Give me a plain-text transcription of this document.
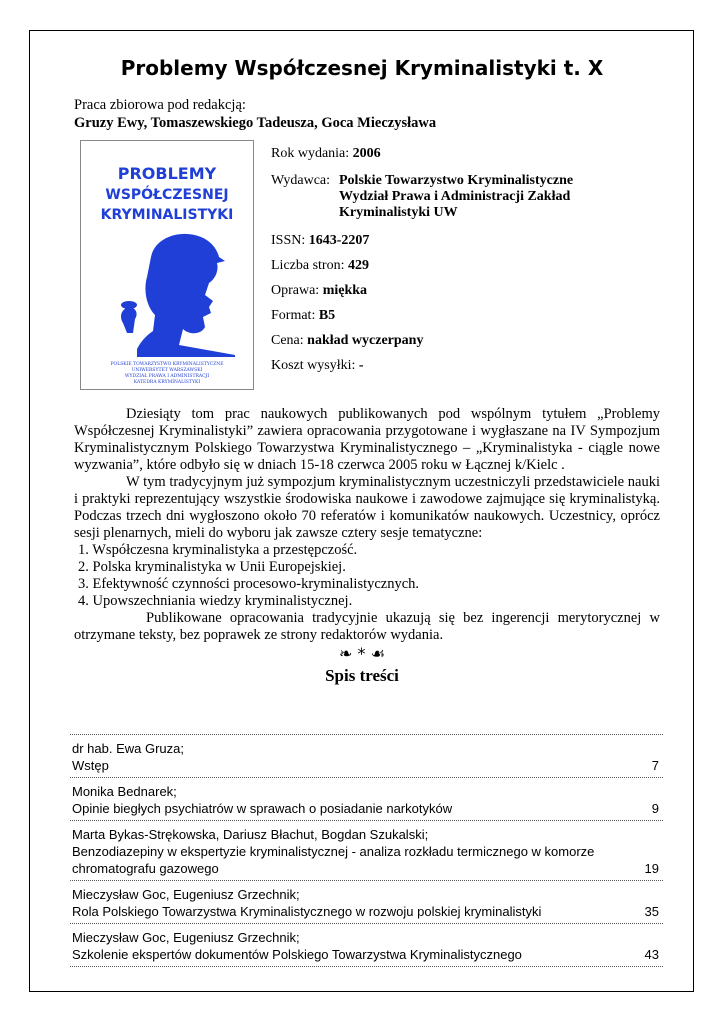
Problemy Współczesnej Kryminalistyki t. X
Praca zbiorowa pod redakcją:
Gruzy Ewy, Tomaszewskiego Tadeusza, Goca Mieczysława
PROBLEMY
WSPÓŁCZESNEJ
KRYMINALISTYKI
POLSKIE TOWARZYSTWO KRYMINALISTYCZNE
UNIWERSYTET WARSZAWSKI
WYDZIAŁ PRAWA I ADMINISTRACJI
KATEDRA KRYMINALISTYKI
Rok wydania: 2006
Wydawca: Polskie Towarzystwo Kryminalistyczne
Wydział Prawa i Administracji Zakład
Kryminalistyki UW
ISSN: 1643-2207
Liczba stron: 429
Oprawa: miękka
Format: B5
Cena: nakład wyczerpany
Koszt wysyłki: -

Dziesiąty tom prac naukowych publikowanych pod wspólnym tytułem „Problemy Współczesnej Kryminalistyki” zawiera opracowania przygotowane i wygłaszane na IV Sympozjum Kryminalistycznym Polskiego Towarzystwa Kryminalistycznego – „Kryminalistyka - ciągle nowe wyzwania”, które odbyło się w dniach 15-18 czerwca 2005 roku w Łącznej k/Kielc .

W tym tradycyjnym już sympozjum kryminalistycznym uczestniczyli przedstawiciele nauki i praktyki reprezentujący wszystkie środowiska naukowe i zawodowe zajmujące się kryminalistyką. Podczas trzech dni wygłoszono około 70 referatów i komunikatów naukowych. Uczestnicy, oprócz sesji plenarnych, mieli do wyboru jak zawsze cztery sesje tematyczne:

1. Współczesna kryminalistyka a przestępczość.
2. Polska kryminalistyka w Unii Europejskiej.
3. Efektywność czynności procesowo-kryminalistycznych.
4. Upowszechniania wiedzy kryminalistycznej.

Publikowane opracowania tradycyjnie ukazują się bez ingerencji merytorycznej w otrzymane teksty, bez poprawek ze strony redaktorów wydania.

❧ * ☙
Spis treści
dr hab. Ewa Gruza;
Wstęp	7
Monika Bednarek;
Opinie biegłych psychiatrów w sprawach o posiadanie narkotyków	9
Marta Bykas-Strękowska, Dariusz Błachut, Bogdan Szukalski;
Benzodiazepiny w ekspertyzie kryminalistycznej - analiza rozkładu termicznego w komorze chromatografu gazowego	19
Mieczysław Goc, Eugeniusz Grzechnik;
Rola Polskiego Towarzystwa Kryminalistycznego w rozwoju polskiej kryminalistyki	35
Mieczysław Goc, Eugeniusz Grzechnik;
Szkolenie ekspertów dokumentów Polskiego Towarzystwa Kryminalistycznego	43
